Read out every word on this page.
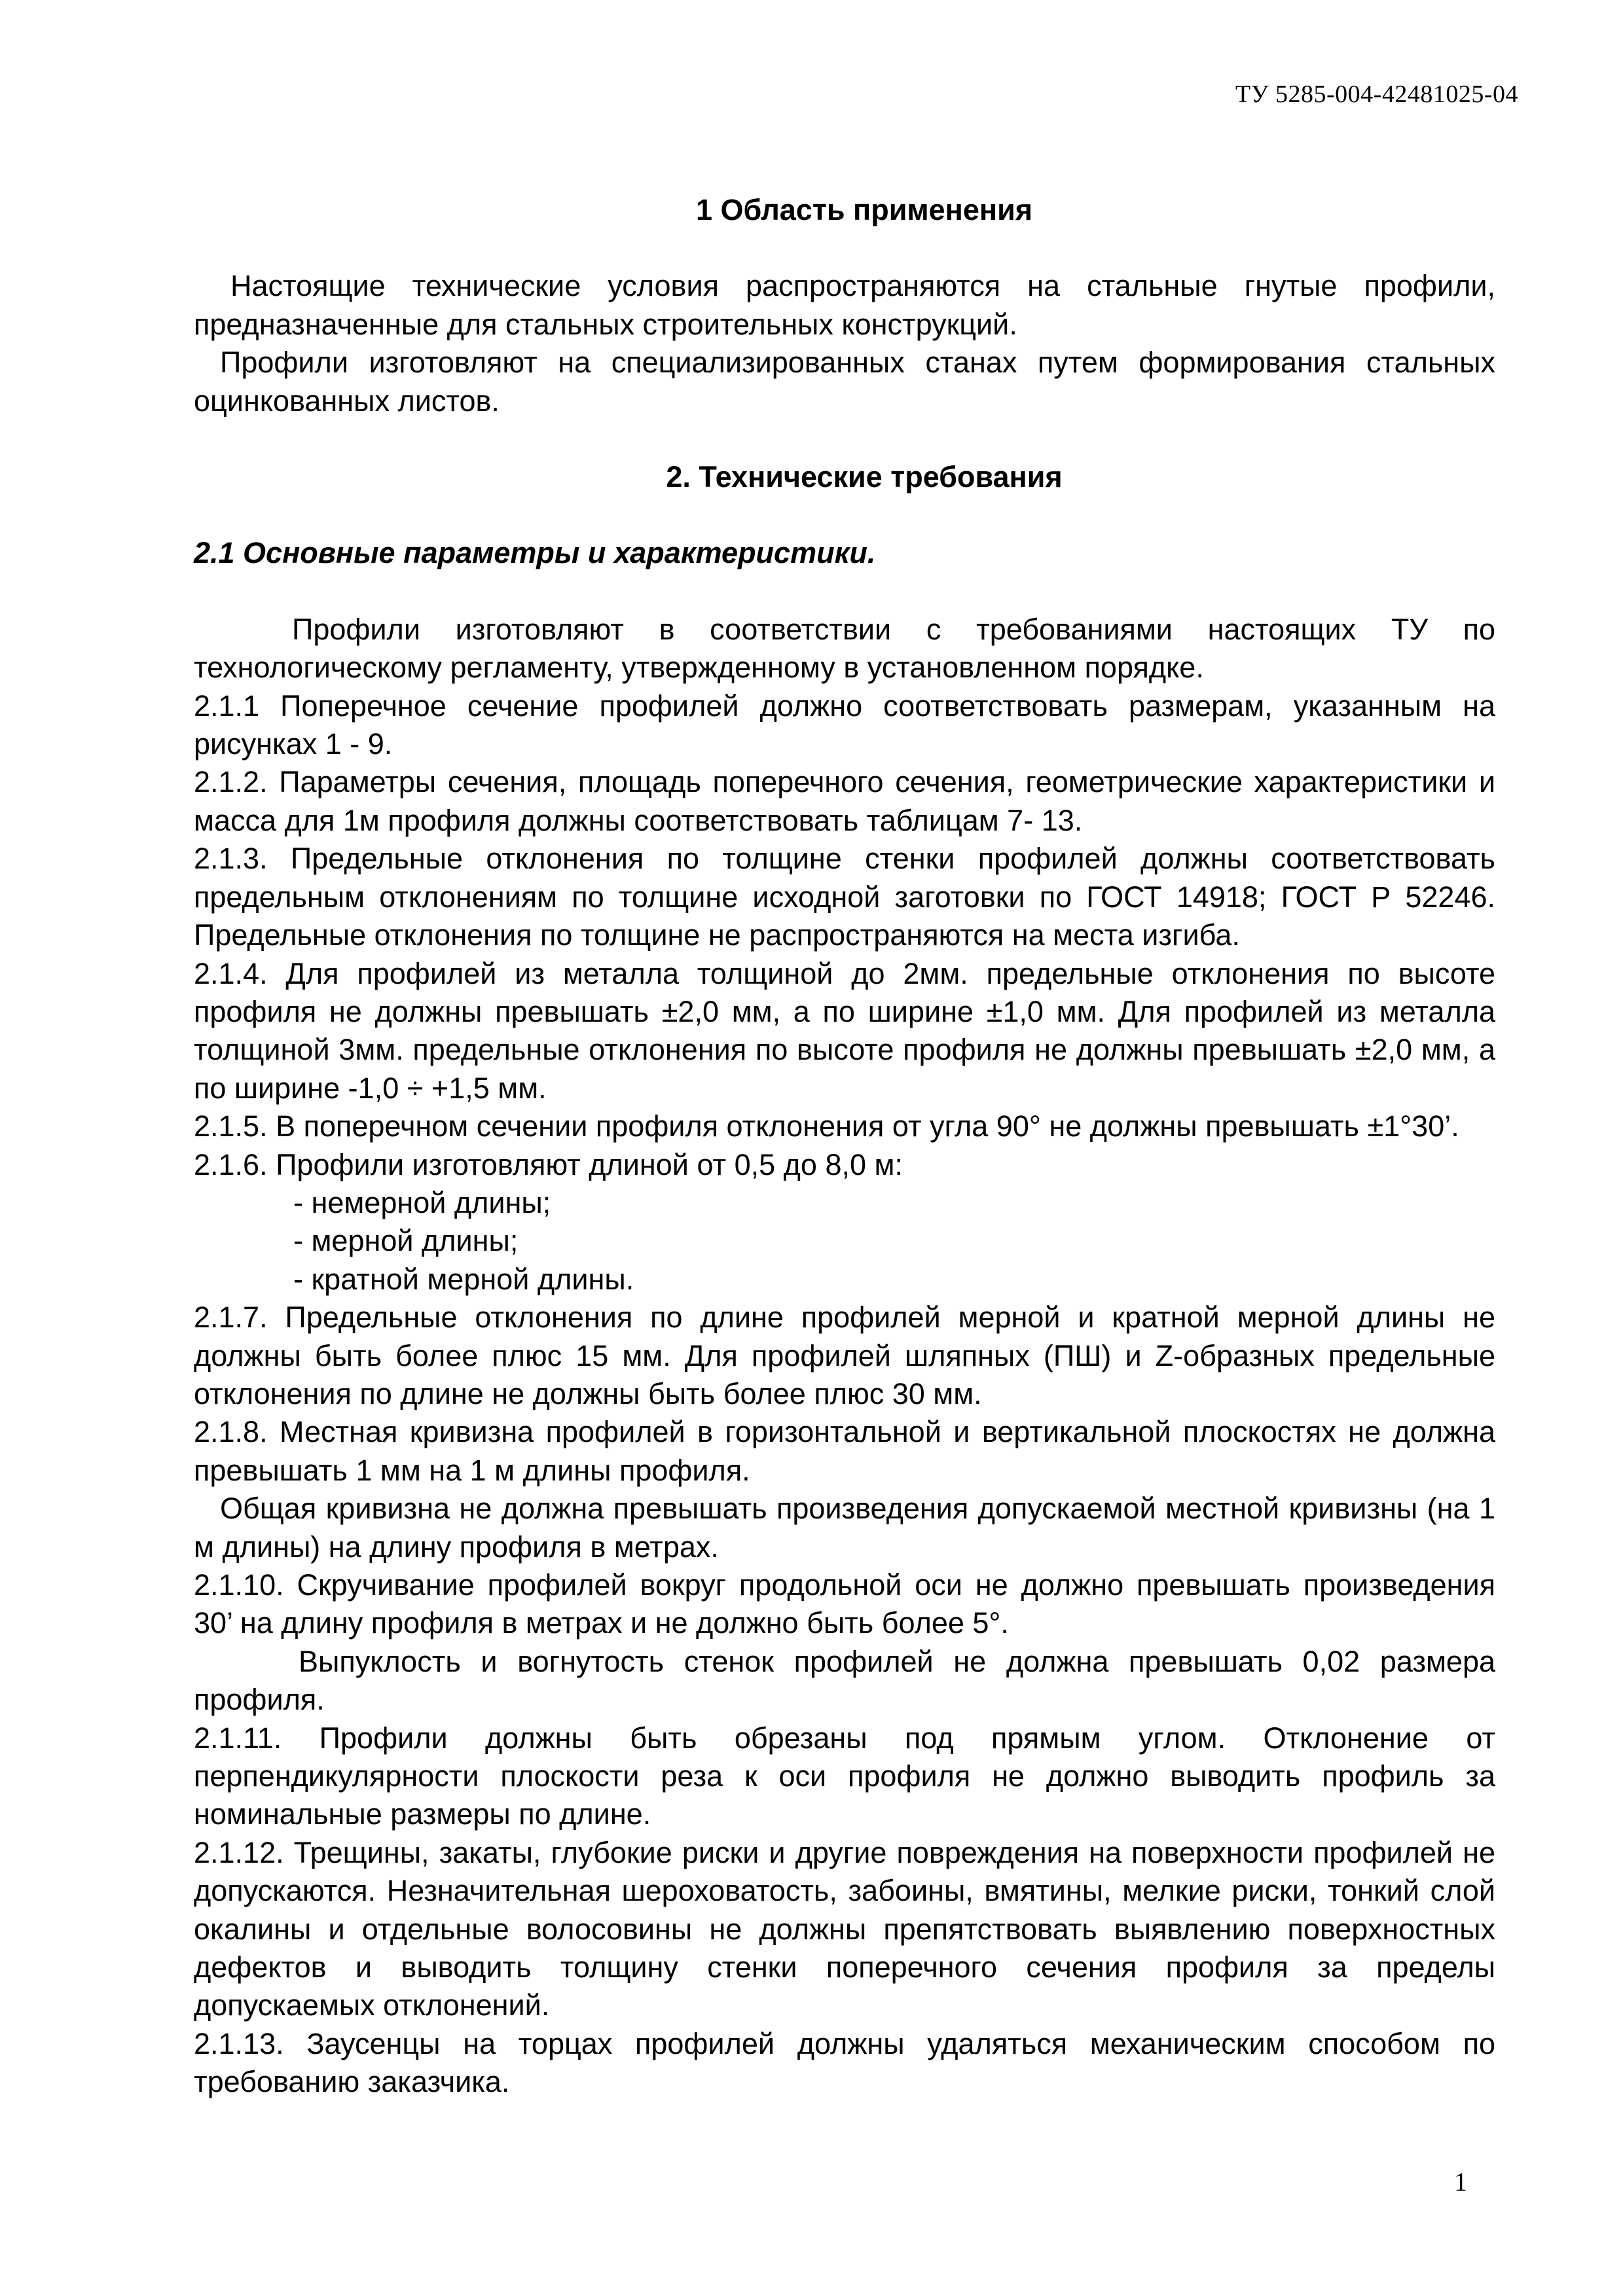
ТУ 5285-004-42481025-04

1 Область применения

Настоящие технические условия распространяются на стальные гнутые профили, предназначенные для стальных строительных конструкций.

Профили изготовляют на специализированных станах путем формирования стальных оцинкованных листов.

2. Технические требования

2.1 Основные параметры и характеристики.

Профили изготовляют в соответствии с требованиями настоящих ТУ по технологическому регламенту, утвержденному в установленном порядке.

2.1.1 Поперечное сечение профилей должно соответствовать размерам, указанным на рисунках 1 - 9.

2.1.2. Параметры сечения, площадь поперечного сечения, геометрические характеристики и масса для 1м профиля должны соответствовать таблицам 7- 13.

2.1.3. Предельные отклонения по толщине стенки профилей должны соответствовать предельным отклонениям по толщине исходной заготовки по ГОСТ 14918; ГОСТ Р 52246. Предельные отклонения по толщине не распространяются на места изгиба.

2.1.4. Для профилей из металла толщиной до 2мм. предельные отклонения по высоте профиля не должны превышать ±2,0 мм, а по ширине ±1,0 мм. Для профилей из металла толщиной 3мм. предельные отклонения по высоте профиля не должны превышать ±2,0 мм, а по ширине -1,0 ÷ +1,5 мм.

2.1.5. В поперечном сечении профиля отклонения от угла 90° не должны превышать ±1°30’.

2.1.6. Профили изготовляют длиной от 0,5 до 8,0 м:

- немерной длины;

- мерной длины;

- кратной мерной длины.

2.1.7. Предельные отклонения по длине профилей мерной и кратной мерной длины не должны быть более плюс 15 мм. Для профилей шляпных (ПШ) и Z-образных предельные отклонения по длине не должны быть более плюс 30 мм.

2.1.8. Местная кривизна профилей в горизонтальной и вертикальной плоскостях не должна превышать 1 мм на 1 м длины профиля.

Общая кривизна не должна превышать произведения допускаемой местной кривизны (на 1 м длины) на длину профиля в метрах.

2.1.10. Скручивание профилей вокруг продольной оси не должно превышать произведения 30’ на длину профиля в метрах и не должно быть более 5°.

Выпуклость и вогнутость стенок профилей не должна превышать 0,02 размера профиля.

2.1.11. Профили должны быть обрезаны под прямым углом. Отклонение от перпендикулярности плоскости реза к оси профиля не должно выводить профиль за номинальные размеры по длине.

2.1.12. Трещины, закаты, глубокие риски и другие повреждения на поверхности профилей не допускаются. Незначительная шероховатость, забоины, вмятины, мелкие риски, тонкий слой окалины и отдельные волосовины не должны препятствовать выявлению поверхностных дефектов и выводить толщину стенки поперечного сечения профиля за пределы допускаемых отклонений.

2.1.13. Заусенцы на торцах профилей должны удаляться механическим способом по требованию заказчика.

1
